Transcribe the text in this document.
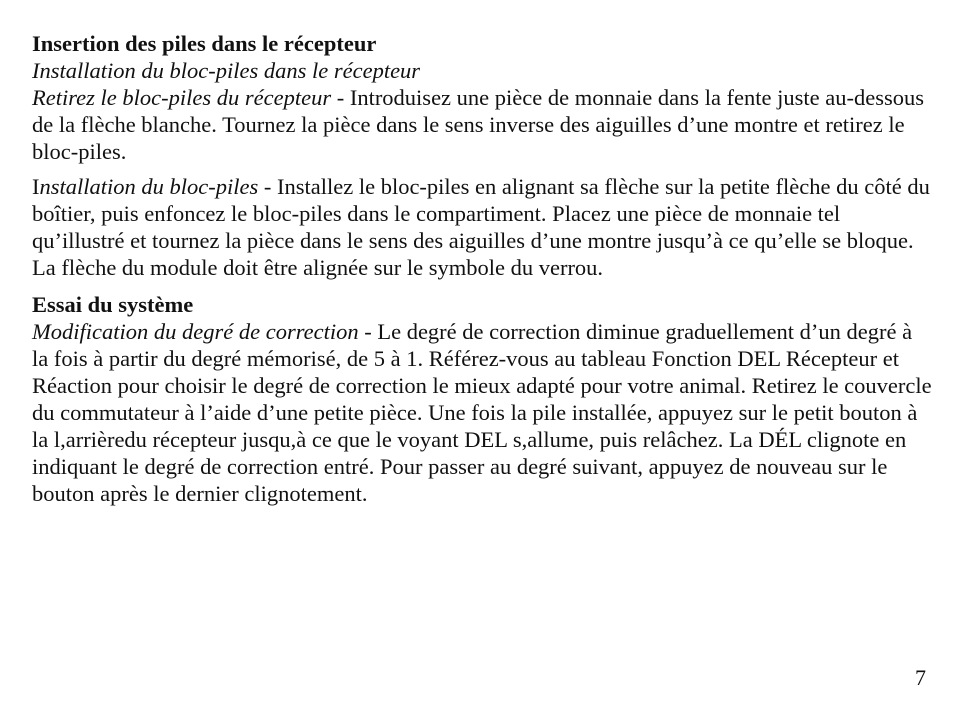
Insertion des piles dans le récepteur
Installation du bloc-piles dans le récepteur

Retirez le bloc-piles du récepteur - Introduisez une pièce de monnaie dans la fente juste au-dessous de la flèche blanche. Tournez la pièce dans le sens inverse des aiguilles d’une montre et retirez le bloc-piles.

Installation du bloc-piles - Installez le bloc-piles en alignant sa flèche sur la petite flèche du côté du boîtier, puis enfoncez le bloc-piles dans le compartiment. Placez une pièce de monnaie tel qu’illustré et tournez la pièce dans le sens des aiguilles d’une montre jusqu’à ce qu’elle se bloque. La flèche du module doit être alignée sur le symbole du verrou.

Essai du système

Modification du degré de correction - Le degré de correction diminue graduellement d’un degré à la fois à partir du degré mémorisé, de 5 à 1. Référez-vous au tableau Fonction DEL Récepteur et Réaction pour choisir le degré de correction le mieux adapté pour votre animal. Retirez le couvercle du commutateur à l’aide d’une petite pièce. Une fois la pile installée, appuyez sur le petit bouton à la l,arrièredu récepteur jusqu,à ce que le voyant DEL s,allume, puis relâchez. La DÉL clignote en indiquant le degré de correction entré. Pour passer au degré suivant, appuyez de nouveau sur le bouton après le dernier clignotement.

7
